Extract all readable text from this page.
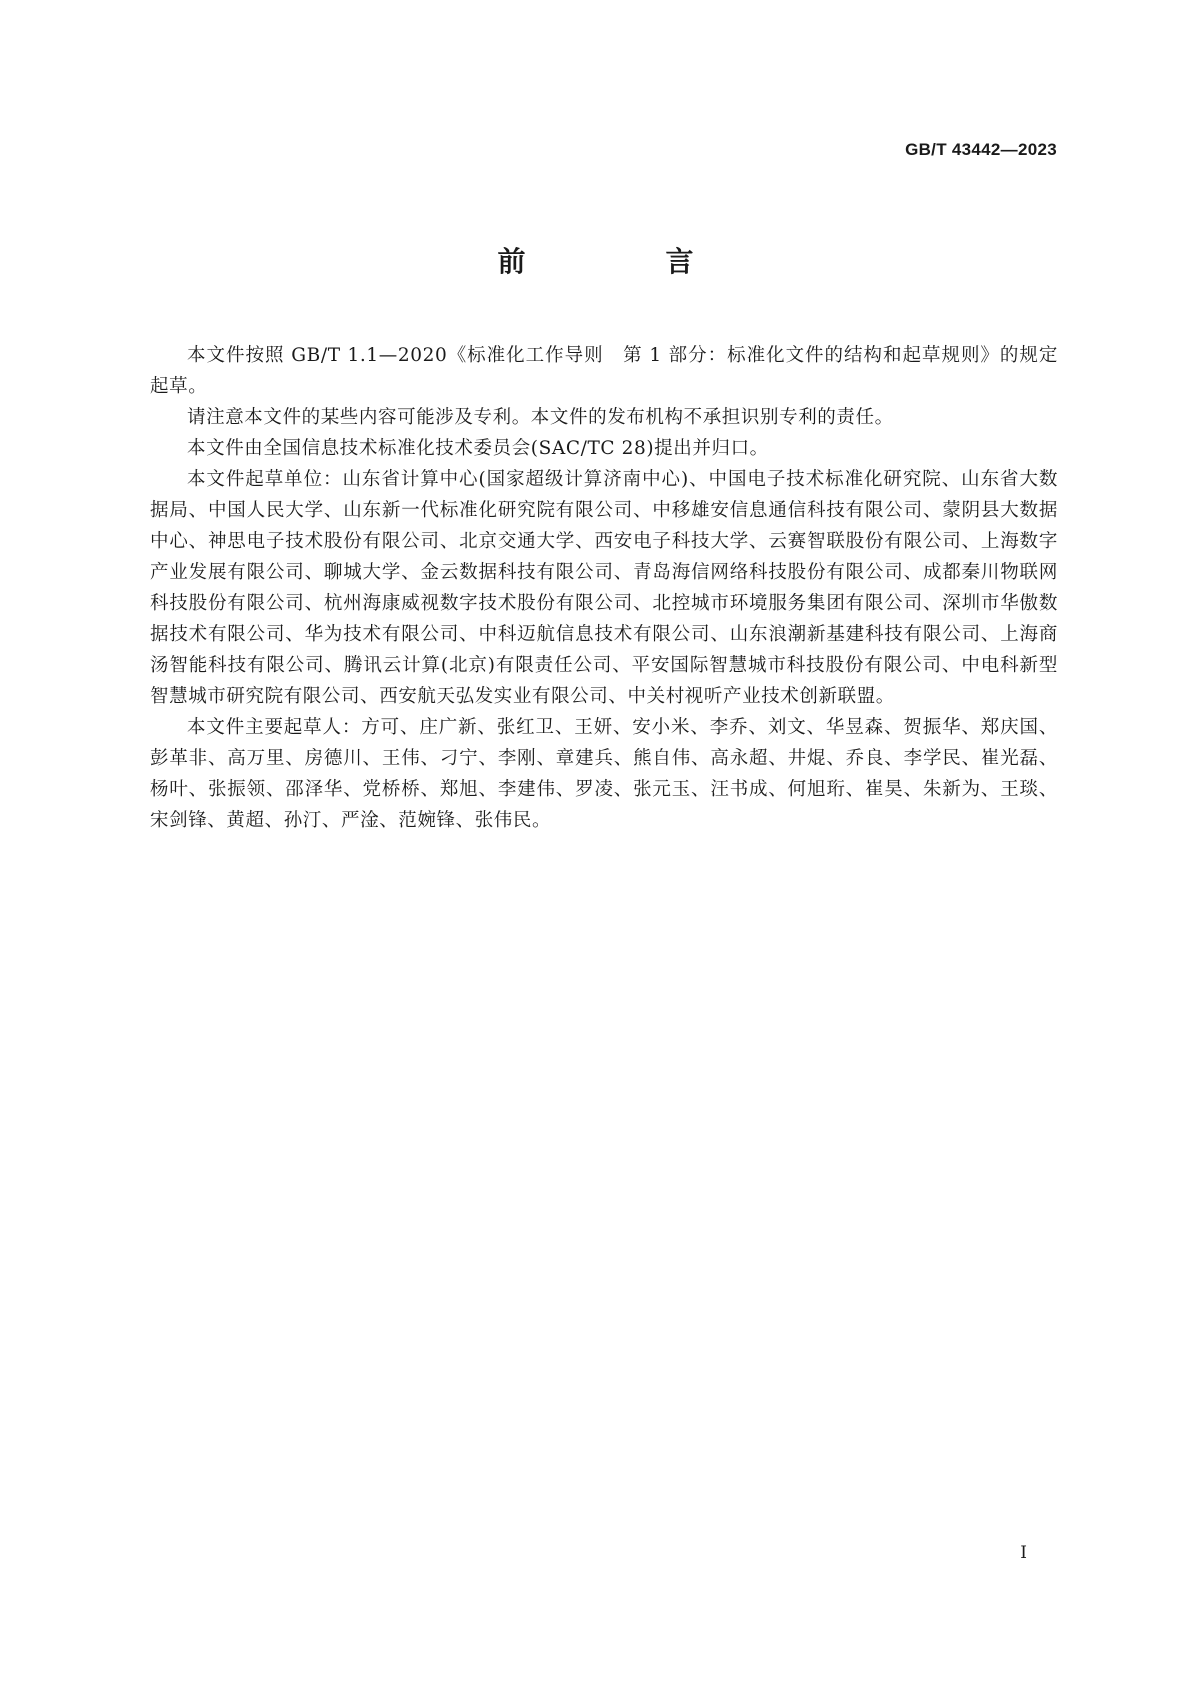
GB/T 43442—2023
前　言

本文件按照 GB/T 1.1—2020《标准化工作导则　第 1 部分：标准化文件的结构和起草规则》的规定起草。

请注意本文件的某些内容可能涉及专利。本文件的发布机构不承担识别专利的责任。

本文件由全国信息技术标准化技术委员会(SAC/TC 28)提出并归口。

本文件起草单位：山东省计算中心(国家超级计算济南中心)、中国电子技术标准化研究院、山东省大数据局、中国人民大学、山东新一代标准化研究院有限公司、中移雄安信息通信科技有限公司、蒙阴县大数据中心、神思电子技术股份有限公司、北京交通大学、西安电子科技大学、云赛智联股份有限公司、上海数字产业发展有限公司、聊城大学、金云数据科技有限公司、青岛海信网络科技股份有限公司、成都秦川物联网科技股份有限公司、杭州海康威视数字技术股份有限公司、北控城市环境服务集团有限公司、深圳市华傲数据技术有限公司、华为技术有限公司、中科迈航信息技术有限公司、山东浪潮新基建科技有限公司、上海商汤智能科技有限公司、腾讯云计算(北京)有限责任公司、平安国际智慧城市科技股份有限公司、中电科新型智慧城市研究院有限公司、西安航天弘发实业有限公司、中关村视听产业技术创新联盟。

本文件主要起草人：方可、庄广新、张红卫、王妍、安小米、李乔、刘文、华昱森、贺振华、郑庆国、彭革非、高万里、房德川、王伟、刁宁、李刚、章建兵、熊自伟、高永超、井焜、乔良、李学民、崔光磊、杨叶、张振领、邵泽华、党桥桥、郑旭、李建伟、罗凌、张元玉、汪书成、何旭珩、崔昊、朱新为、王琰、宋剑锋、黄超、孙汀、严淦、范婉锋、张伟民。

I
